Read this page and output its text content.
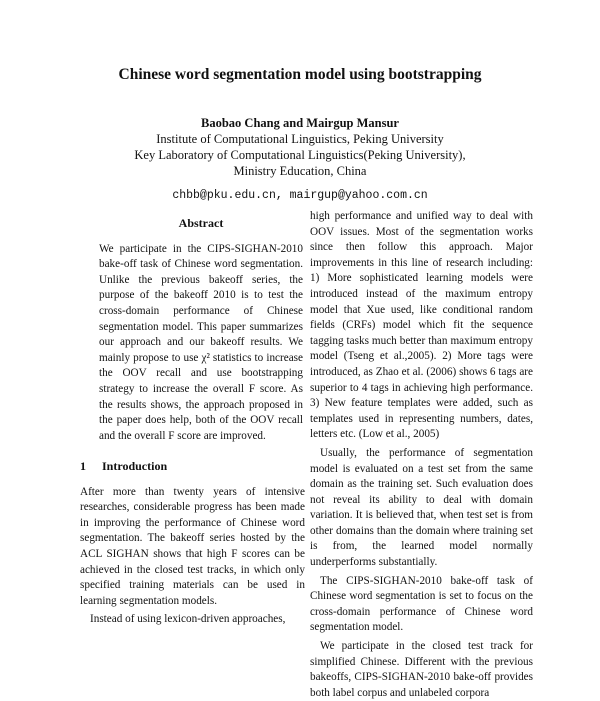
Chinese word segmentation model using bootstrapping
Baobao Chang and Mairgup Mansur
Institute of Computational Linguistics, Peking University
Key Laboratory of Computational Linguistics(Peking University),
Ministry Education, China
chbb@pku.edu.cn, mairgup@yahoo.com.cn

Abstract

We participate in the CIPS-SIGHAN-2010 bake-off task of Chinese word segmentation. Unlike the previous bakeoff series, the purpose of the bakeoff 2010 is to test the cross-domain performance of Chinese segmentation model. This paper summarizes our approach and our bakeoff results. We mainly propose to use χ² statistics to increase the OOV recall and use bootstrapping strategy to increase the overall F score. As the results shows, the approach proposed in the paper does help, both of the OOV recall and the overall F score are improved.

1 Introduction

After more than twenty years of intensive researches, considerable progress has been made in improving the performance of Chinese word segmentation. The bakeoff series hosted by the ACL SIGHAN shows that high F scores can be achieved in the closed test tracks, in which only specified training materials can be used in learning segmentation models.

Instead of using lexicon-driven approaches,

high performance and unified way to deal with OOV issues. Most of the segmentation works since then follow this approach. Major improvements in this line of research including: 1) More sophisticated learning models were introduced instead of the maximum entropy model that Xue used, like conditional random fields (CRFs) model which fit the sequence tagging tasks much better than maximum entropy model (Tseng et al.,2005). 2) More tags were introduced, as Zhao et al. (2006) shows 6 tags are superior to 4 tags in achieving high performance. 3) New feature templates were added, such as templates used in representing numbers, dates, letters etc. (Low et al., 2005)

Usually, the performance of segmentation model is evaluated on a test set from the same domain as the training set. Such evaluation does not reveal its ability to deal with domain variation. It is believed that, when test set is from other domains than the domain where training set is from, the learned model normally underperforms substantially.

The CIPS-SIGHAN-2010 bake-off task of Chinese word segmentation is set to focus on the cross-domain performance of Chinese word segmentation model.

We participate in the closed test track for simplified Chinese. Different with the previous bakeoffs, CIPS-SIGHAN-2010 bake-off provides both label corpus and unlabeled corpora
